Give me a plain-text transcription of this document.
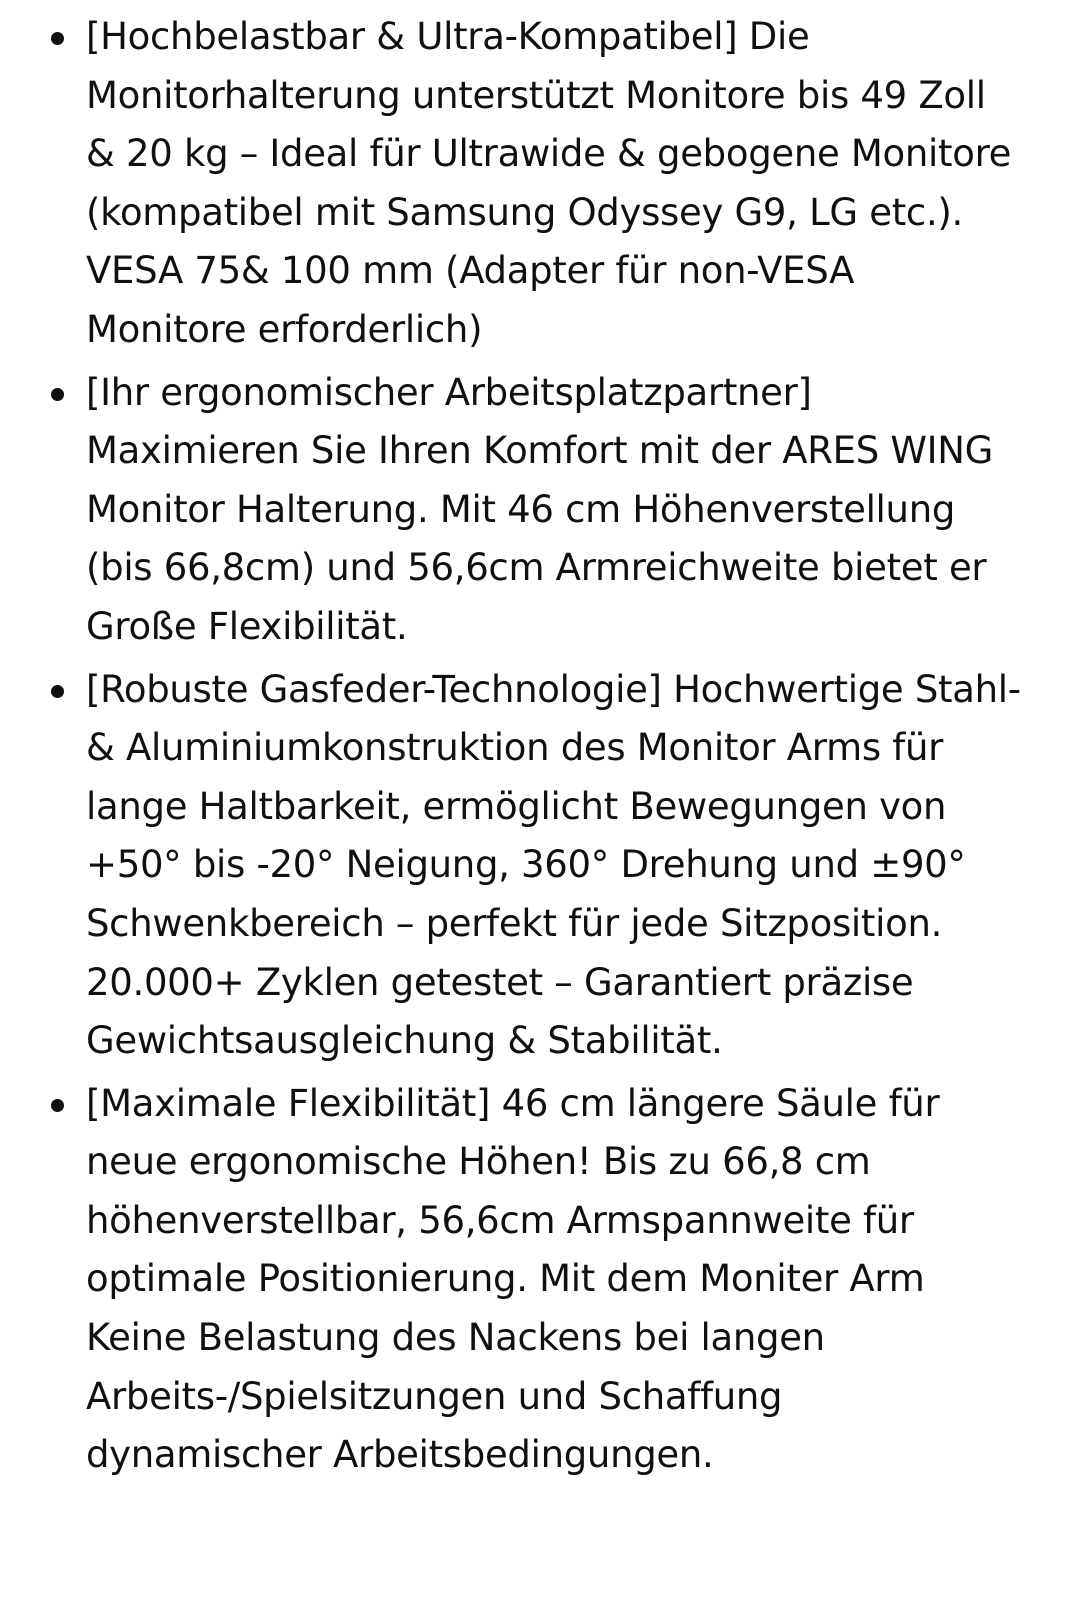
[Hochbelastbar & Ultra-Kompatibel] Die Monitorhalterung unterstützt Monitore bis 49 Zoll & 20 kg – Ideal für Ultrawide & gebogene Monitore (kompatibel mit Samsung Odyssey G9, LG etc.). VESA 75& 100 mm (Adapter für non-VESA Monitore erforderlich)
[Ihr ergonomischer Arbeitsplatzpartner] Maximieren Sie Ihren Komfort mit der ARES WING Monitor Halterung. Mit 46 cm Höhenverstellung (bis 66,8cm) und 56,6cm Armreichweite bietet er Große Flexibilität.
[Robuste Gasfeder-Technologie] Hochwertige Stahl- & Aluminiumkonstruktion des Monitor Arms für lange Haltbarkeit, ermöglicht Bewegungen von +50° bis -20° Neigung, 360° Drehung und ±90° Schwenkbereich – perfekt für jede Sitzposition. 20.000+ Zyklen getestet – Garantiert präzise Gewichtsausgleichung & Stabilität.
[Maximale Flexibilität] 46 cm längere Säule für neue ergonomische Höhen! Bis zu 66,8 cm höhenverstellbar, 56,6cm Armspannweite für optimale Positionierung. Mit dem Moniter Arm Keine Belastung des Nackens bei langen Arbeits-/Spielsitzungen und Schaffung dynamischer Arbeitsbedingungen.
